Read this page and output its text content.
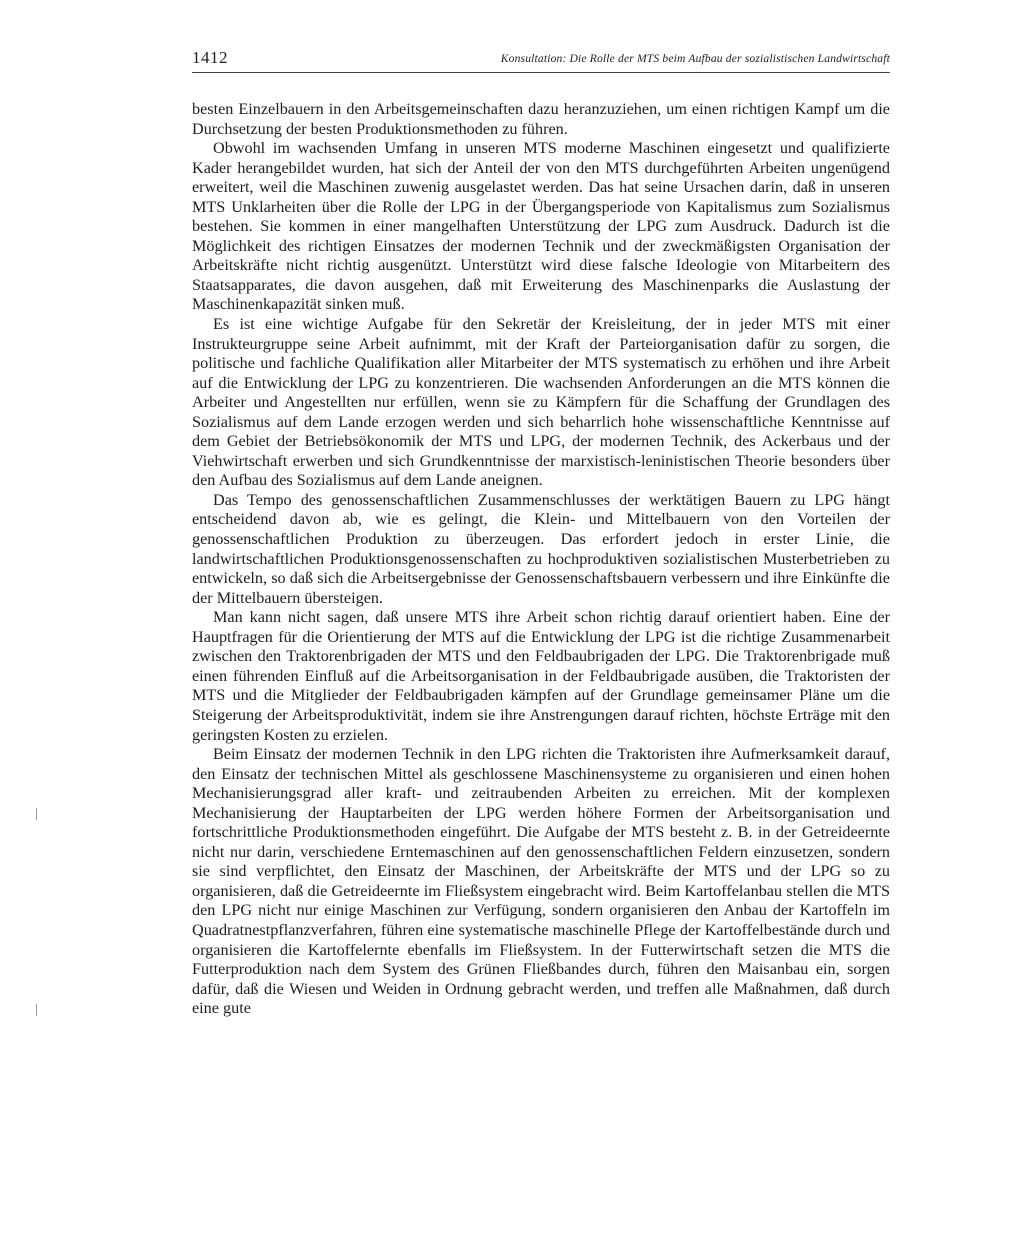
1412	Konsultation: Die Rolle der MTS beim Aufbau der sozialistischen Landwirtschaft

besten Einzelbauern in den Arbeitsgemeinschaften dazu heranzuziehen, um einen richtigen Kampf um die Durchsetzung der besten Produktionsmethoden zu führen.

Obwohl im wachsenden Umfang in unseren MTS moderne Maschinen eingesetzt und qualifizierte Kader herangebildet wurden, hat sich der Anteil der von den MTS durchgeführten Arbeiten ungenügend erweitert, weil die Maschinen zuwenig ausgelastet werden. Das hat seine Ursachen darin, daß in unseren MTS Unklarheiten über die Rolle der LPG in der Übergangsperiode von Kapitalismus zum Sozialismus bestehen. Sie kommen in einer mangelhaften Unterstützung der LPG zum Ausdruck. Dadurch ist die Möglichkeit des richtigen Einsatzes der modernen Technik und der zweckmäßigsten Organisation der Arbeitskräfte nicht richtig ausgenützt. Unterstützt wird diese falsche Ideologie von Mitarbeitern des Staatsapparates, die davon ausgehen, daß mit Erweiterung des Maschinenparks die Auslastung der Maschinenkapazität sinken muß.

Es ist eine wichtige Aufgabe für den Sekretär der Kreisleitung, der in jeder MTS mit einer Instrukteurgruppe seine Arbeit aufnimmt, mit der Kraft der Parteiorganisation dafür zu sorgen, die politische und fachliche Qualifikation aller Mitarbeiter der MTS systematisch zu erhöhen und ihre Arbeit auf die Entwicklung der LPG zu konzentrieren. Die wachsenden Anforderungen an die MTS können die Arbeiter und Angestellten nur erfüllen, wenn sie zu Kämpfern für die Schaffung der Grundlagen des Sozialismus auf dem Lande erzogen werden und sich beharrlich hohe wissenschaftliche Kenntnisse auf dem Gebiet der Betriebsökonomik der MTS und LPG, der modernen Technik, des Ackerbaus und der Viehwirtschaft erwerben und sich Grundkenntnisse der marxistisch-leninistischen Theorie besonders über den Aufbau des Sozialismus auf dem Lande aneignen.

Das Tempo des genossenschaftlichen Zusammenschlusses der werktätigen Bauern zu LPG hängt entscheidend davon ab, wie es gelingt, die Klein- und Mittelbauern von den Vorteilen der genossenschaftlichen Produktion zu überzeugen. Das erfordert jedoch in erster Linie, die landwirtschaftlichen Produktionsgenossenschaften zu hochproduktiven sozialistischen Musterbetrieben zu entwickeln, so daß sich die Arbeitsergebnisse der Genossenschaftsbauern verbessern und ihre Einkünfte die der Mittelbauern übersteigen.

Man kann nicht sagen, daß unsere MTS ihre Arbeit schon richtig darauf orientiert haben. Eine der Hauptfragen für die Orientierung der MTS auf die Entwicklung der LPG ist die richtige Zusammenarbeit zwischen den Traktorenbrigaden der MTS und den Feldbaubrigaden der LPG. Die Traktorenbrigade muß einen führenden Einfluß auf die Arbeitsorganisation in der Feldbaubrigade ausüben, die Traktoristen der MTS und die Mitglieder der Feldbaubrigaden kämpfen auf der Grundlage gemeinsamer Pläne um die Steigerung der Arbeitsproduktivität, indem sie ihre Anstrengungen darauf richten, höchste Erträge mit den geringsten Kosten zu erzielen.

Beim Einsatz der modernen Technik in den LPG richten die Traktoristen ihre Aufmerksamkeit darauf, den Einsatz der technischen Mittel als geschlossene Maschinensysteme zu organisieren und einen hohen Mechanisierungsgrad aller kraft- und zeitraubenden Arbeiten zu erreichen. Mit der komplexen Mechanisierung der Hauptarbeiten der LPG werden höhere Formen der Arbeitsorganisation und fortschrittliche Produktionsmethoden eingeführt. Die Aufgabe der MTS besteht z. B. in der Getreideernte nicht nur darin, verschiedene Erntemaschinen auf den genossenschaftlichen Feldern einzusetzen, sondern sie sind verpflichtet, den Einsatz der Maschinen, der Arbeitskräfte der MTS und der LPG so zu organisieren, daß die Getreideernte im Fließsystem eingebracht wird. Beim Kartoffelanbau stellen die MTS den LPG nicht nur einige Maschinen zur Verfügung, sondern organisieren den Anbau der Kartoffeln im Quadratnestpflanzverfahren, führen eine systematische maschinelle Pflege der Kartoffelbestände durch und organisieren die Kartoffelernte ebenfalls im Fließsystem. In der Futterwirtschaft setzen die MTS die Futterproduktion nach dem System des Grünen Fließbandes durch, führen den Maisanbau ein, sorgen dafür, daß die Wiesen und Weiden in Ordnung gebracht werden, und treffen alle Maßnahmen, daß durch eine gute
